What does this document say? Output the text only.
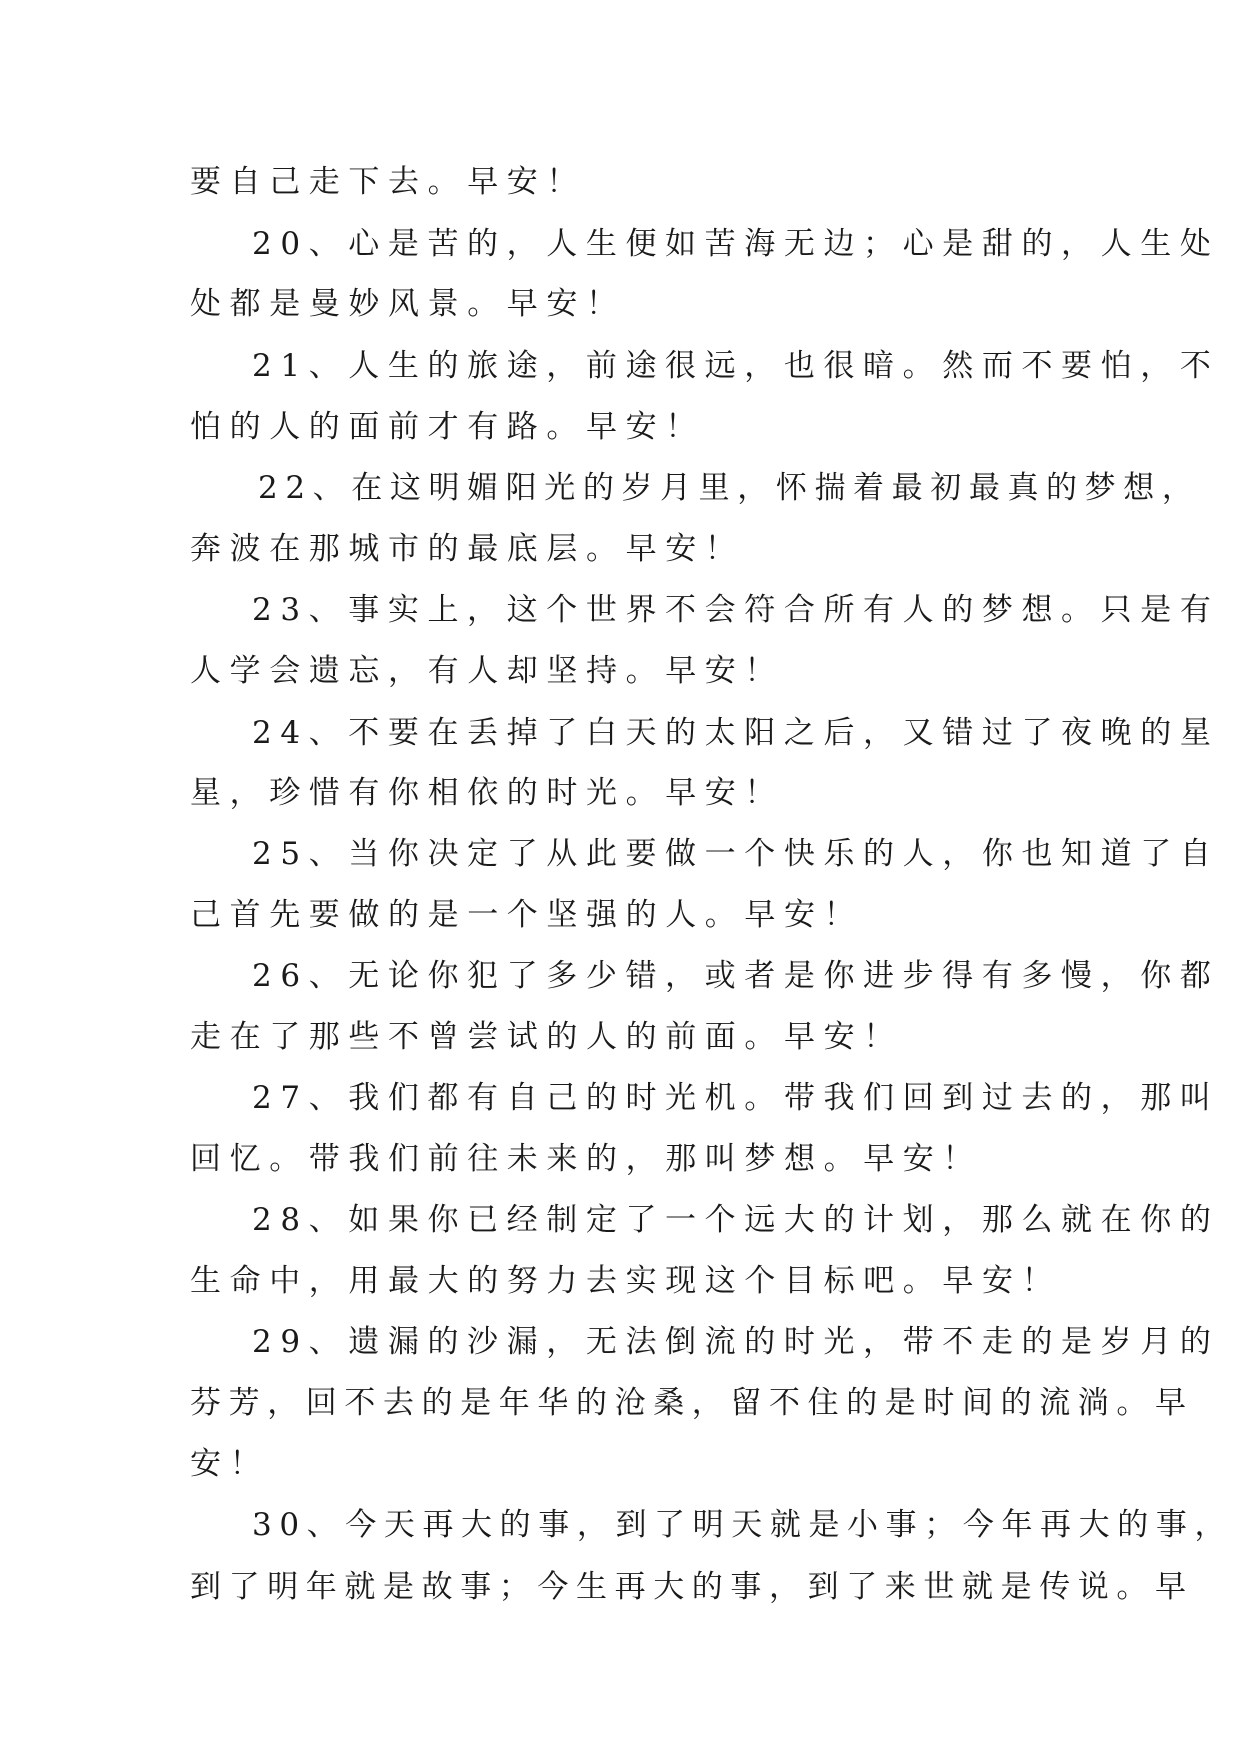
要自己走下去。早安！
20、心是苦的，人生便如苦海无边；心是甜的，人生处
处都是曼妙风景。早安！
21、人生的旅途，前途很远，也很暗。然而不要怕，不
怕的人的面前才有路。早安！
22、在这明媚阳光的岁月里，怀揣着最初最真的梦想，
奔波在那城市的最底层。早安！
23、事实上，这个世界不会符合所有人的梦想。只是有
人学会遗忘，有人却坚持。早安！
24、不要在丢掉了白天的太阳之后，又错过了夜晚的星
星，珍惜有你相依的时光。早安！
25、当你决定了从此要做一个快乐的人，你也知道了自
己首先要做的是一个坚强的人。早安！
26、无论你犯了多少错，或者是你进步得有多慢，你都
走在了那些不曾尝试的人的前面。早安！
27、我们都有自己的时光机。带我们回到过去的，那叫
回忆。带我们前往未来的，那叫梦想。早安！
28、如果你已经制定了一个远大的计划，那么就在你的
生命中，用最大的努力去实现这个目标吧。早安！
29、遗漏的沙漏，无法倒流的时光，带不走的是岁月的
芬芳，回不去的是年华的沧桑，留不住的是时间的流淌。早
安！
30、今天再大的事，到了明天就是小事；今年再大的事，
到了明年就是故事；今生再大的事，到了来世就是传说。早
